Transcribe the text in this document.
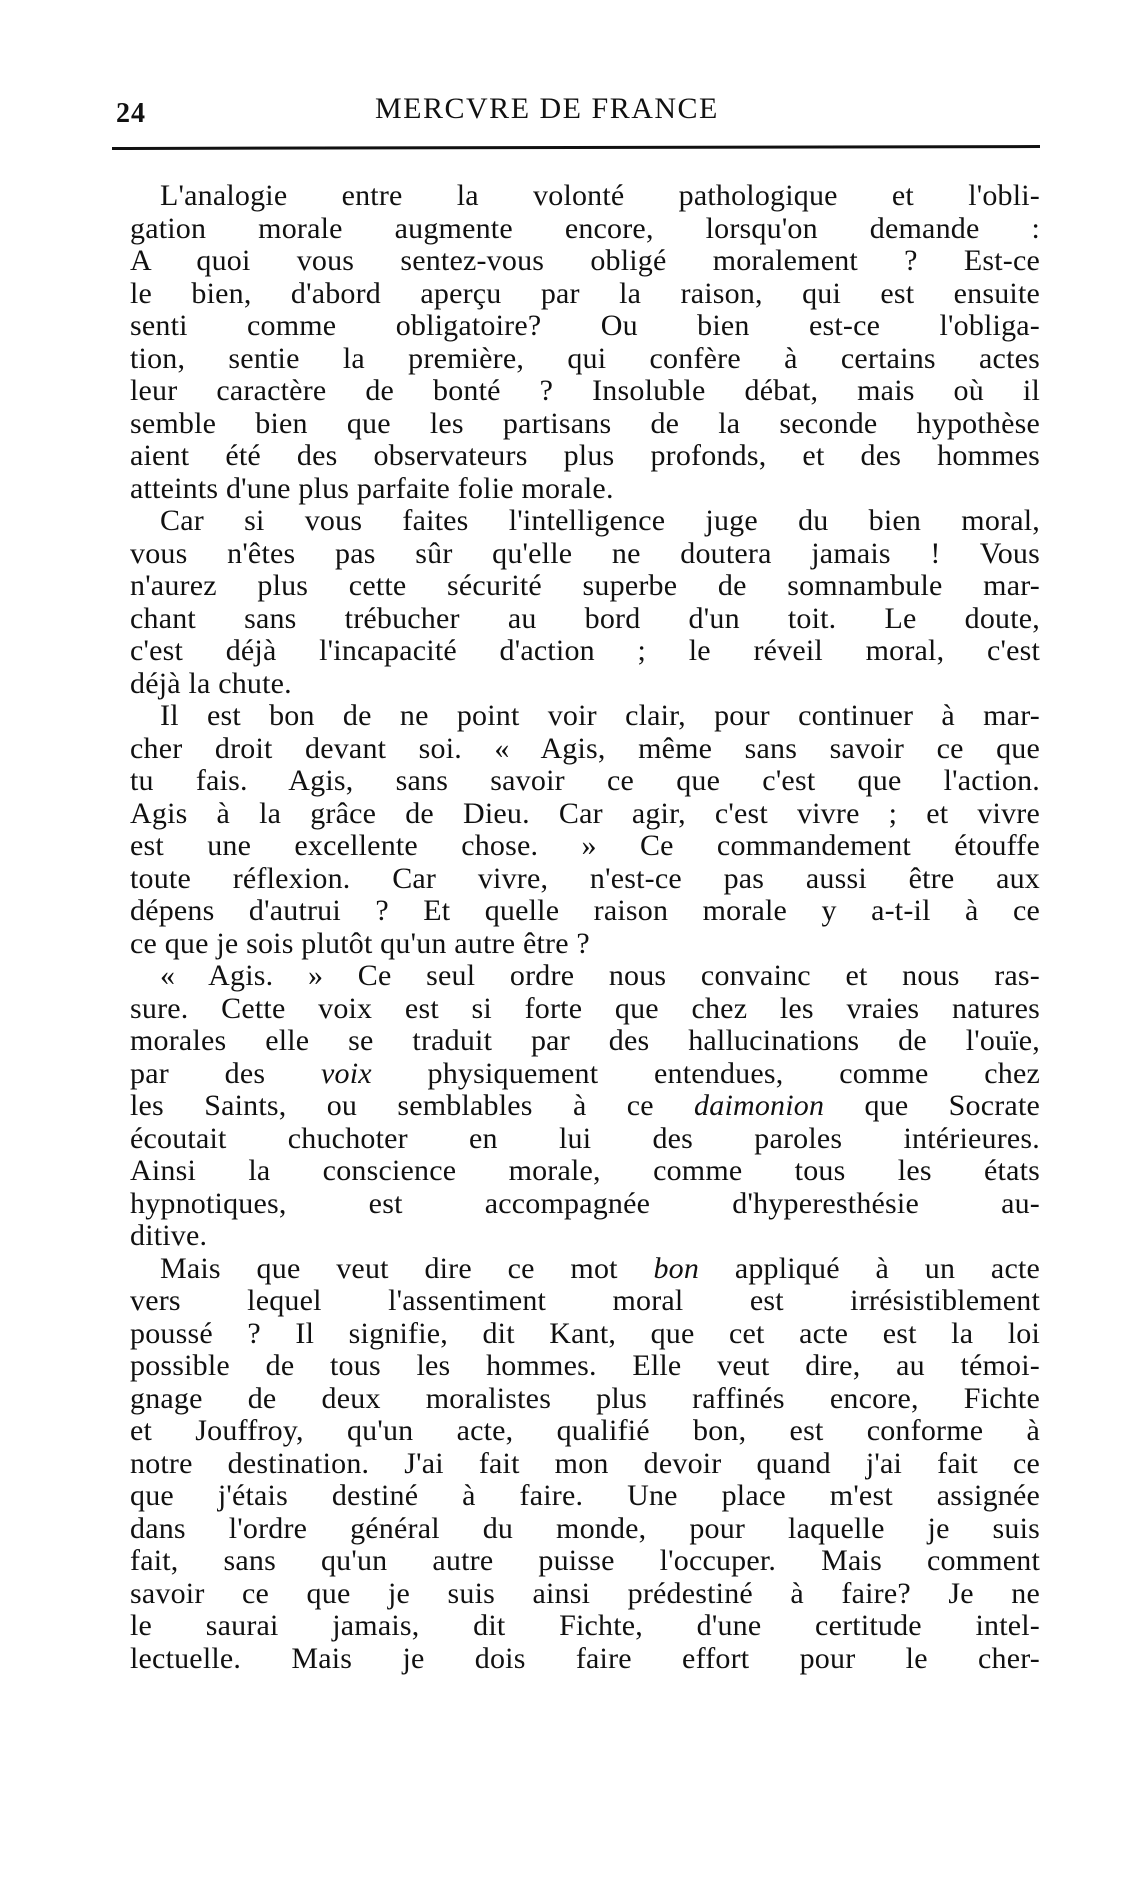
24	MERCVRE DE FRANCE
L'analogie entre la volonté pathologique et l'obli-
gation morale augmente encore, lorsqu'on demande :
A quoi vous sentez-vous obligé moralement ? Est-ce
le bien, d'abord aperçu par la raison, qui est ensuite
senti comme obligatoire? Ou bien est-ce l'obliga-
tion, sentie la première, qui confère à certains actes
leur caractère de bonté ? Insoluble débat, mais où il
semble bien que les partisans de la seconde hypothèse
aient été des observateurs plus profonds, et des hommes
atteints d'une plus parfaite folie morale.
Car si vous faites l'intelligence juge du bien moral,
vous n'êtes pas sûr qu'elle ne doutera jamais ! Vous
n'aurez plus cette sécurité superbe de somnambule mar-
chant sans trébucher au bord d'un toit. Le doute,
c'est déjà l'incapacité d'action ; le réveil moral, c'est
déjà la chute.
Il est bon de ne point voir clair, pour continuer à mar-
cher droit devant soi. « Agis, même sans savoir ce que
tu fais. Agis, sans savoir ce que c'est que l'action.
Agis à la grâce de Dieu. Car agir, c'est vivre ; et vivre
est une excellente chose. » Ce commandement étouffe
toute réflexion. Car vivre, n'est-ce pas aussi être aux
dépens d'autrui ? Et quelle raison morale y a-t-il à ce
ce que je sois plutôt qu'un autre être ?
« Agis. » Ce seul ordre nous convainc et nous ras-
sure. Cette voix est si forte que chez les vraies natures
morales elle se traduit par des hallucinations de l'ouïe,
par des voix physiquement entendues, comme chez
les Saints, ou semblables à ce daimonion que Socrate
écoutait chuchoter en lui des paroles intérieures.
Ainsi la conscience morale, comme tous les états
hypnotiques, est accompagnée d'hyperesthésie au-
ditive.
Mais que veut dire ce mot bon appliqué à un acte
vers lequel l'assentiment moral est irrésistiblement
poussé ? Il signifie, dit Kant, que cet acte est la loi
possible de tous les hommes. Elle veut dire, au témoi-
gnage de deux moralistes plus raffinés encore, Fichte
et Jouffroy, qu'un acte, qualifié bon, est conforme à
notre destination. J'ai fait mon devoir quand j'ai fait ce
que j'étais destiné à faire. Une place m'est assignée
dans l'ordre général du monde, pour laquelle je suis
fait, sans qu'un autre puisse l'occuper. Mais comment
savoir ce que je suis ainsi prédestiné à faire? Je ne
le saurai jamais, dit Fichte, d'une certitude intel-
lectuelle. Mais je dois faire effort pour le cher-
